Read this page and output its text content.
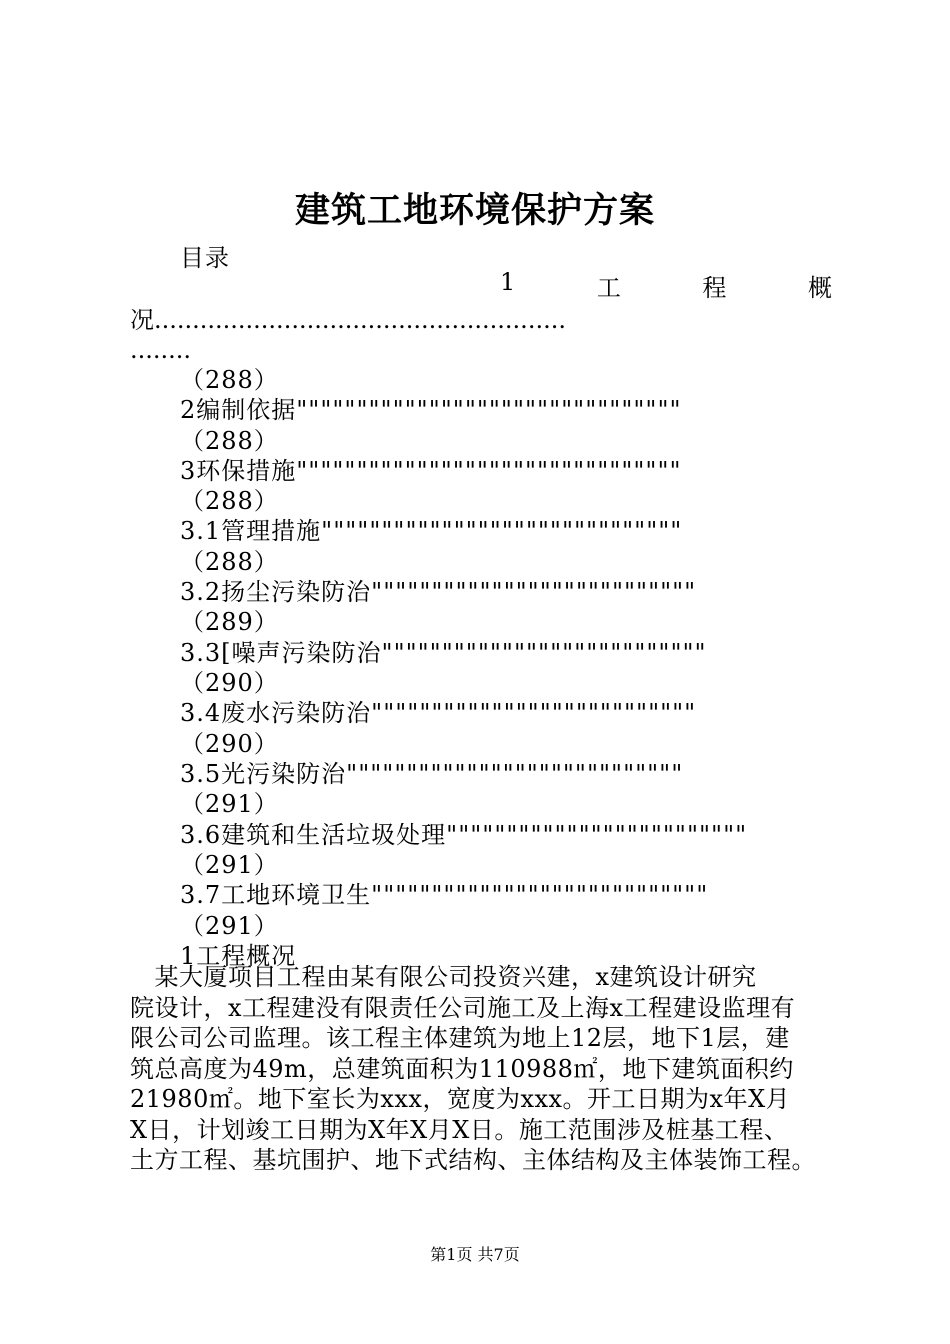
建筑工地环境保护方案
目录
1	工	程	概
况......................................................
........
（288）
2编制依据""""""""""""""""""""""""""""""""
（288）
3环保措施""""""""""""""""""""""""""""""""
（288）
3.1管理措施""""""""""""""""""""""""""""""
（288）
3.2扬尘污染防治"""""""""""""""""""""""""""
（289）
3.3[噪声污染防治"""""""""""""""""""""""""""
（290）
3.4废水污染防治"""""""""""""""""""""""""""
（290）
3.5光污染防治""""""""""""""""""""""""""""
（291）
3.6建筑和生活垃圾处理"""""""""""""""""""""""""
（291）
3.7工地环境卫生""""""""""""""""""""""""""""
（291）
1工程概况
　某大厦项目工程由某有限公司投资兴建，x建筑设计研究
院设计，x工程建没有限责任公司施工及上海x工程建设监理有
限公司公司监理。该工程主体建筑为地上12层，地下1层，建
筑总高度为49m，总建筑面积为110988㎡，地下建筑面积约
21980㎡。地下室长为xxx，宽度为xxx。开工日期为x年X月
X日，计划竣工日期为X年X月X日。施工范围涉及桩基工程、
土方工程、基坑围护、地下式结构、主体结构及主体装饰工程。
第1页 共7页
